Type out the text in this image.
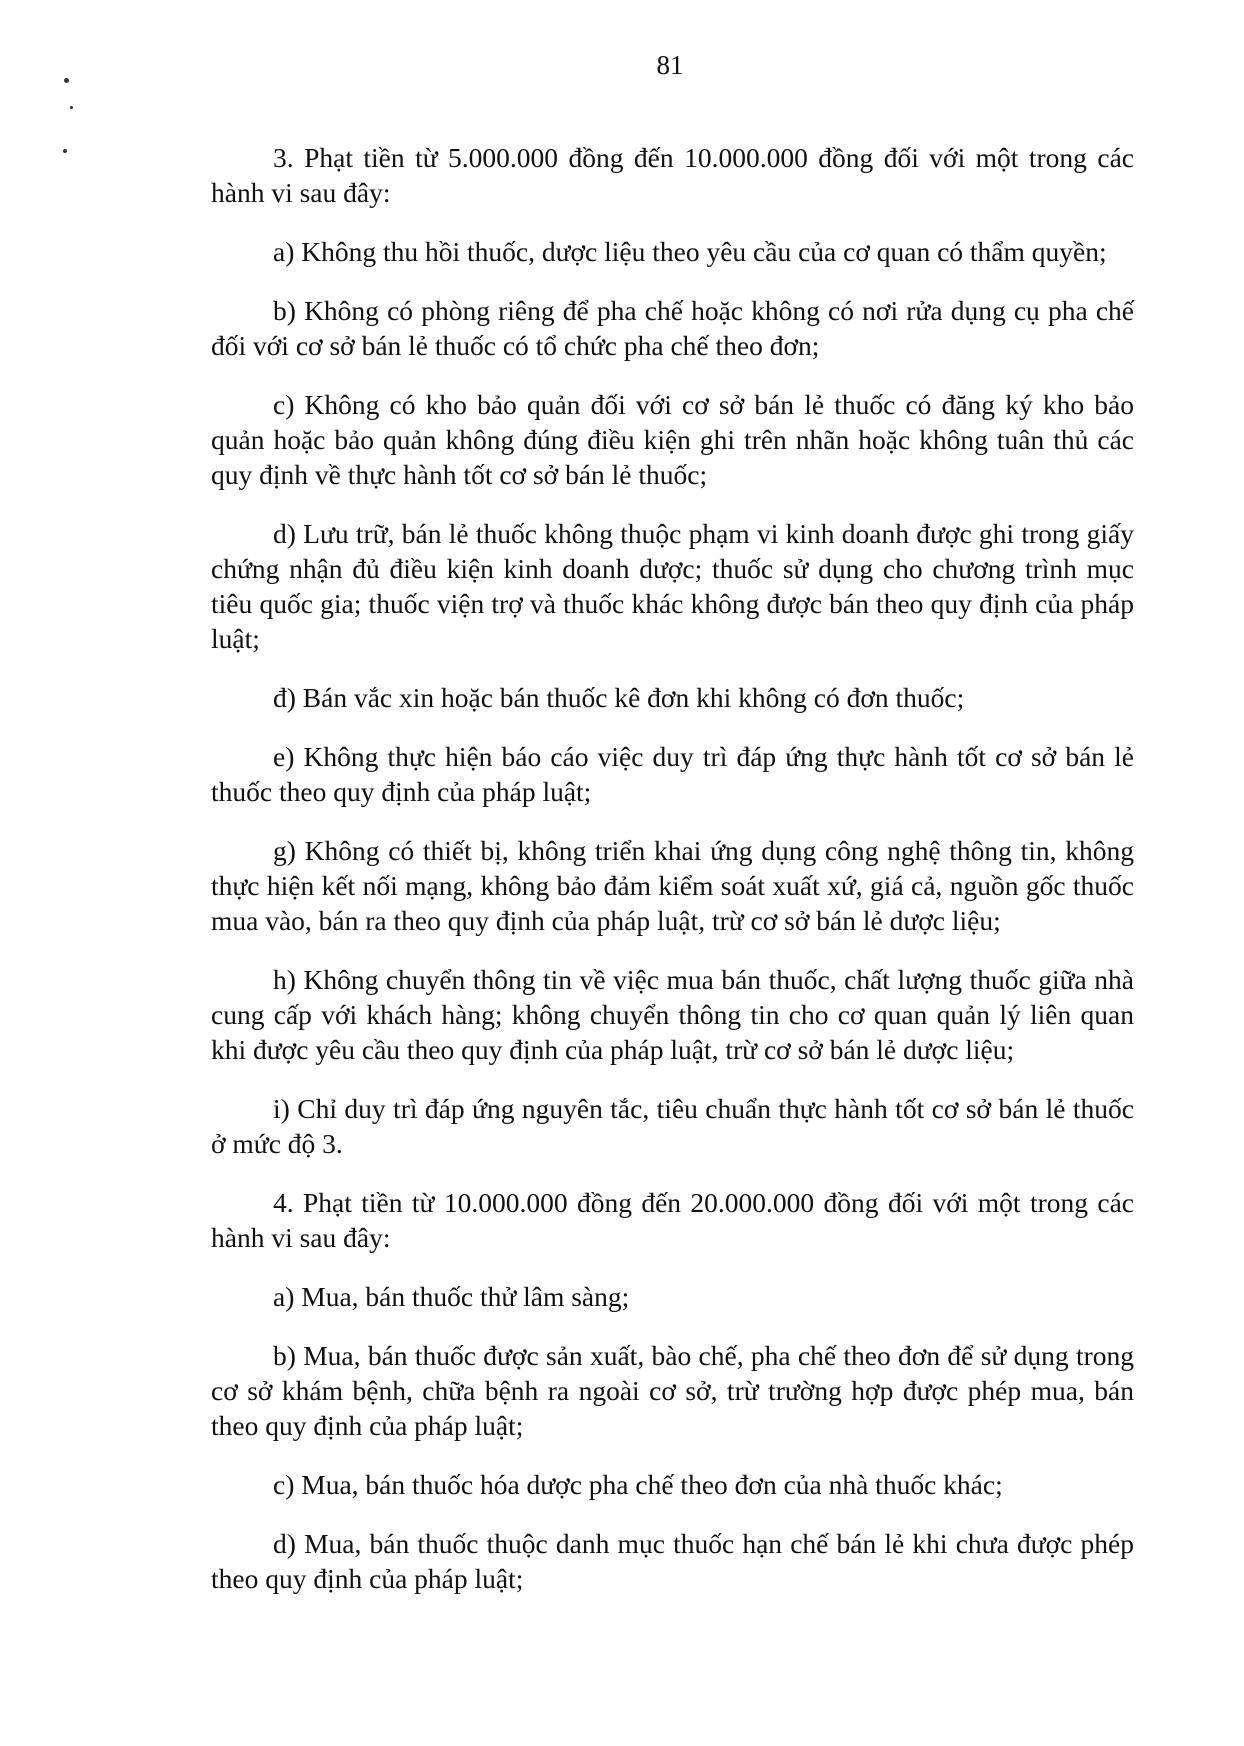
81

3. Phạt tiền từ 5.000.000 đồng đến 10.000.000 đồng đối với một trong các hành vi sau đây:

a) Không thu hồi thuốc, dược liệu theo yêu cầu của cơ quan có thẩm quyền;

b) Không có phòng riêng để pha chế hoặc không có nơi rửa dụng cụ pha chế đối với cơ sở bán lẻ thuốc có tổ chức pha chế theo đơn;

c) Không có kho bảo quản đối với cơ sở bán lẻ thuốc có đăng ký kho bảo quản hoặc bảo quản không đúng điều kiện ghi trên nhãn hoặc không tuân thủ các quy định về thực hành tốt cơ sở bán lẻ thuốc;

d) Lưu trữ, bán lẻ thuốc không thuộc phạm vi kinh doanh được ghi trong giấy chứng nhận đủ điều kiện kinh doanh dược; thuốc sử dụng cho chương trình mục tiêu quốc gia; thuốc viện trợ và thuốc khác không được bán theo quy định của pháp luật;

đ) Bán vắc xin hoặc bán thuốc kê đơn khi không có đơn thuốc;

e) Không thực hiện báo cáo việc duy trì đáp ứng thực hành tốt cơ sở bán lẻ thuốc theo quy định của pháp luật;

g) Không có thiết bị, không triển khai ứng dụng công nghệ thông tin, không thực hiện kết nối mạng, không bảo đảm kiểm soát xuất xứ, giá cả, nguồn gốc thuốc mua vào, bán ra theo quy định của pháp luật, trừ cơ sở bán lẻ dược liệu;

h) Không chuyển thông tin về việc mua bán thuốc, chất lượng thuốc giữa nhà cung cấp với khách hàng; không chuyển thông tin cho cơ quan quản lý liên quan khi được yêu cầu theo quy định của pháp luật, trừ cơ sở bán lẻ dược liệu;

i) Chỉ duy trì đáp ứng nguyên tắc, tiêu chuẩn thực hành tốt cơ sở bán lẻ thuốc ở mức độ 3.

4. Phạt tiền từ 10.000.000 đồng đến 20.000.000 đồng đối với một trong các hành vi sau đây:

a) Mua, bán thuốc thử lâm sàng;

b) Mua, bán thuốc được sản xuất, bào chế, pha chế theo đơn để sử dụng trong cơ sở khám bệnh, chữa bệnh ra ngoài cơ sở, trừ trường hợp được phép mua, bán theo quy định của pháp luật;

c) Mua, bán thuốc hóa dược pha chế theo đơn của nhà thuốc khác;

d) Mua, bán thuốc thuộc danh mục thuốc hạn chế bán lẻ khi chưa được phép theo quy định của pháp luật;
